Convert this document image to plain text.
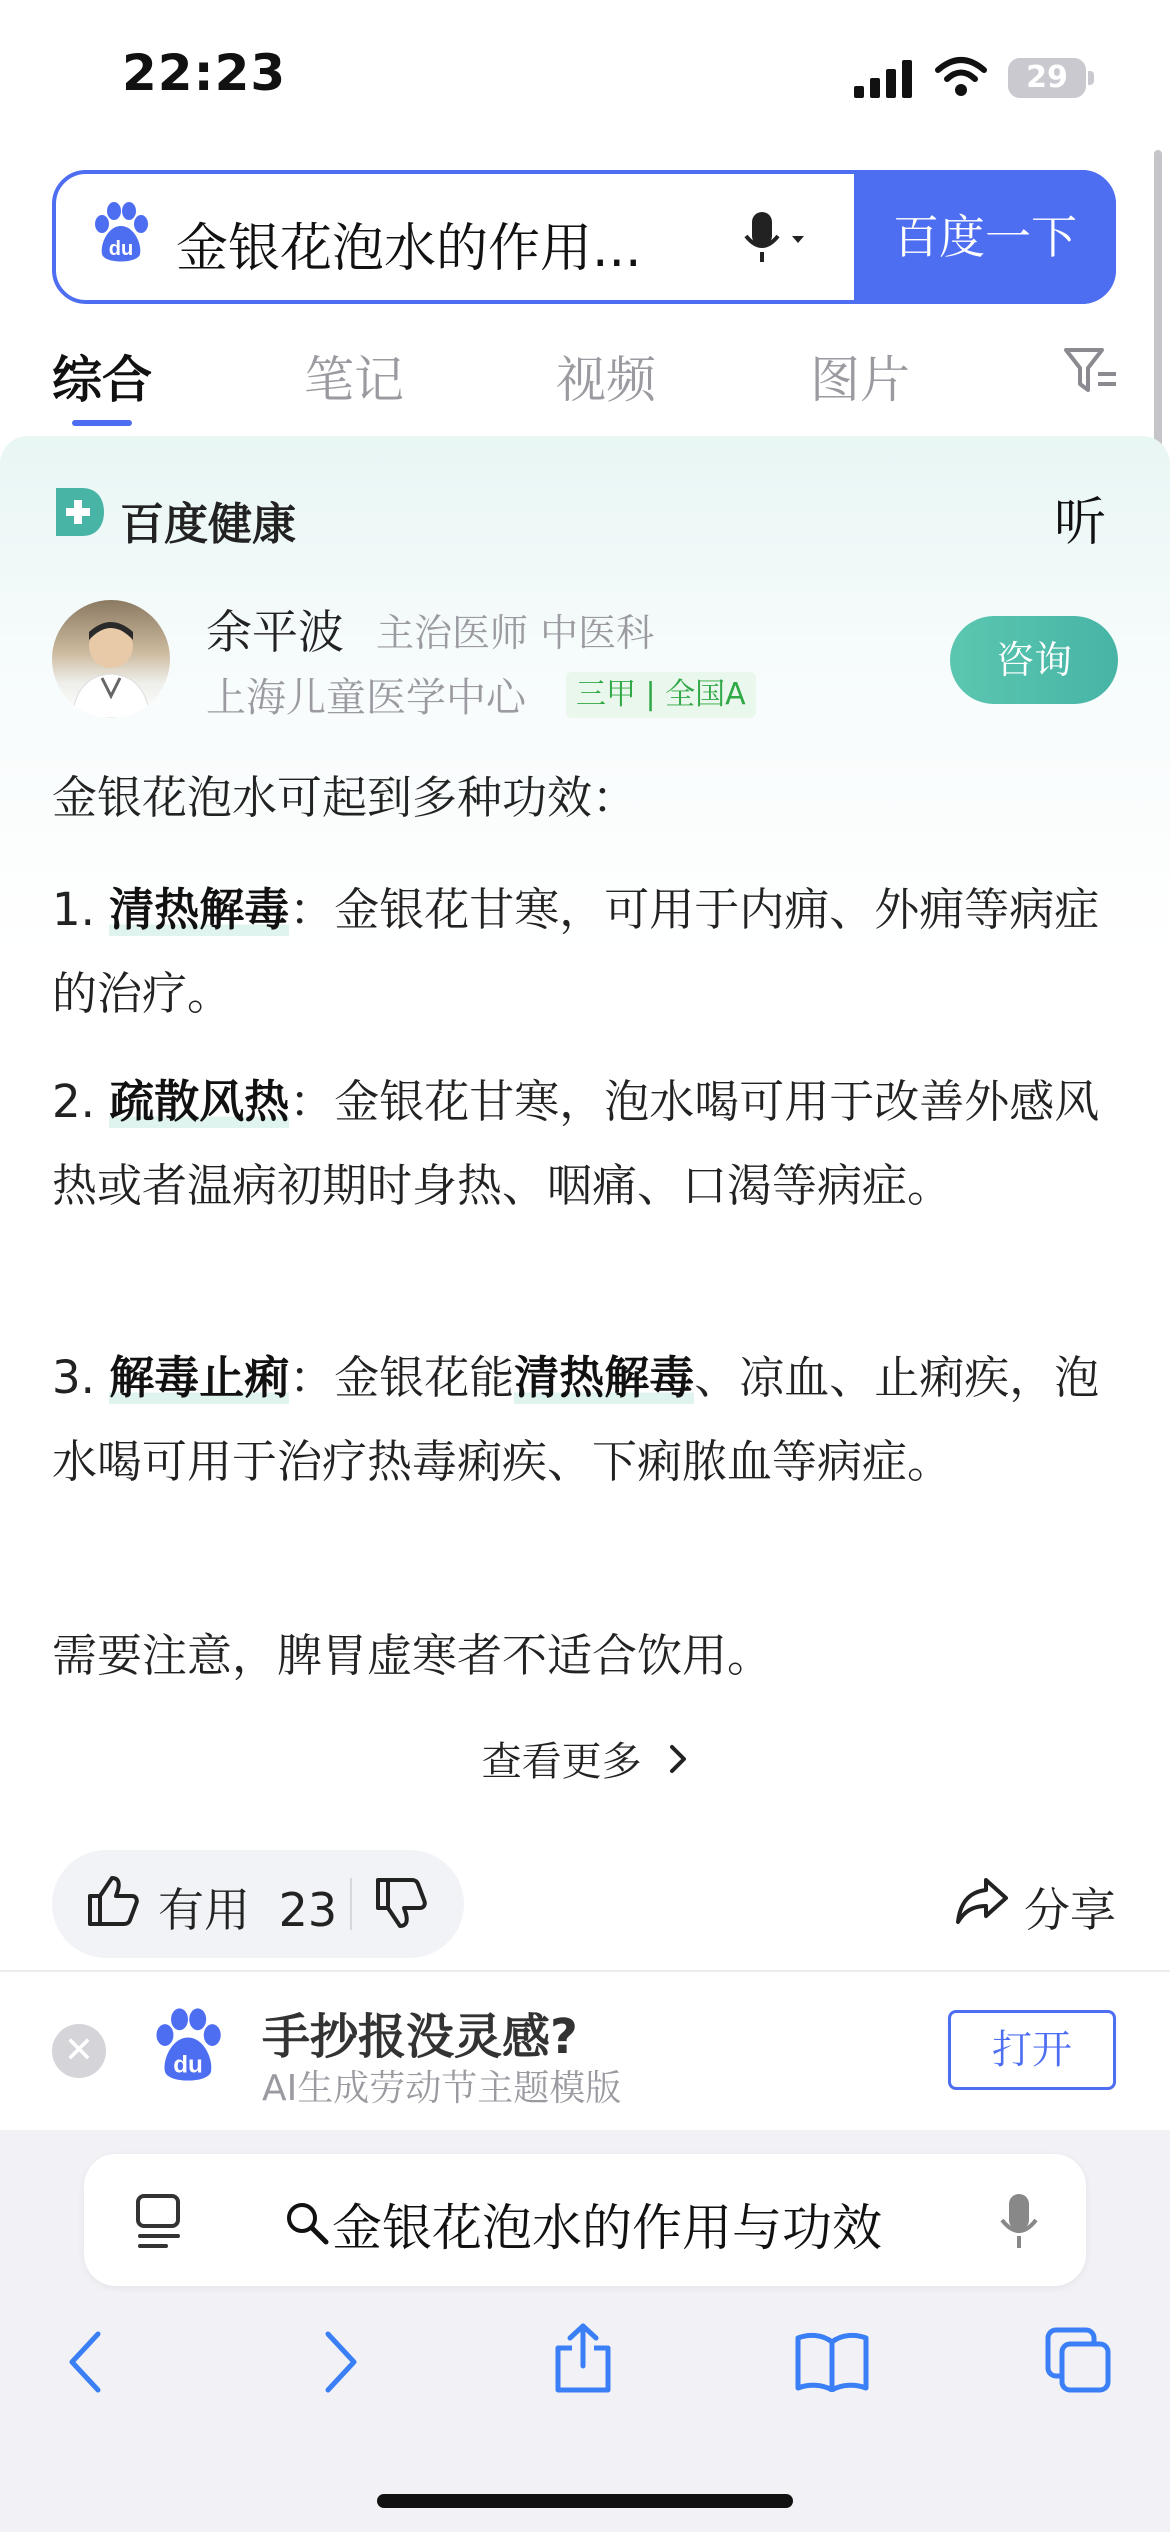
22:23	29
du 金银花泡水的作用...	百度一下
综合	笔记	视频	图片
百度健康	听
余平波 主治医师 中医科
上海儿童医学中心	三甲 | 全国A
咨询
金银花泡水可起到多种功效：
1. 清热解毒：金银花甘寒，可用于内痈、外痈等病症的治疗。
2. 疏散风热：金银花甘寒，泡水喝可用于改善外感风热或者温病初期时身热、咽痛、口渴等病症。
3. 解毒止痢：金银花能清热解毒、凉血、止痢疾，泡水喝可用于治疗热毒痢疾、下痢脓血等病症。
需要注意，脾胃虚寒者不适合饮用。
查看更多
有用 23	分享
✕	du
手抄报没灵感?
AI生成劳动节主题模版
打开
金银花泡水的作用与功效
